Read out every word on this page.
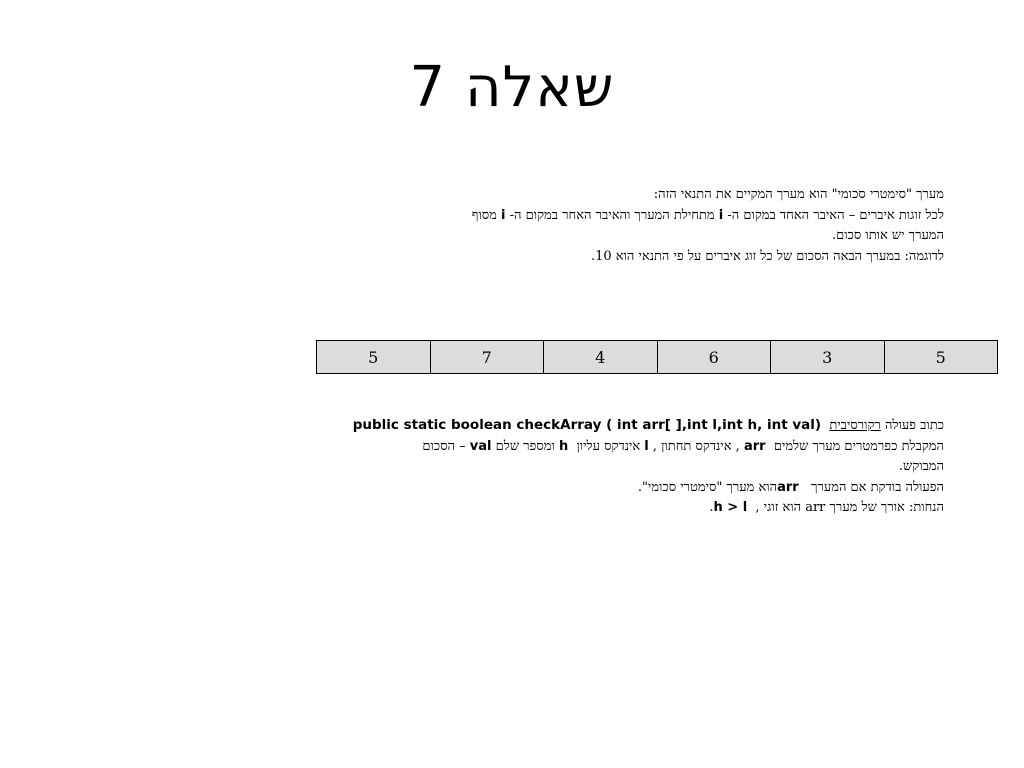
שאלה 7

מערך "סימטרי סכומי" הוא מערך המקיים את התנאי הזה:

לכל זוגות איברים – האיבר האחד במקום ה- i מתחילת המערך והאיבר האחר במקום ה- i מסוף

המערך יש אותו סכום.

לדוגמה: במערך הבאה הסכום של כל זוג איברים על פי התנאי הוא 10.

5	7	4	6	3	5

כתוב פעולה רקורסיבית  public static boolean checkArray ( int arr[ ],int l,int h, int val)

המקבלת כפרמטרים מערך שלמים  arr , אינדקס תחתון , l אינדקס עליון  h ומספר שלם val – הסכום

המבוקש.

הפעולה בודקת אם המערך   arrהוא מערך "סימטרי סכומי".

הנחות: אורך של מערך arr הוא זוגי ,  h > l.
